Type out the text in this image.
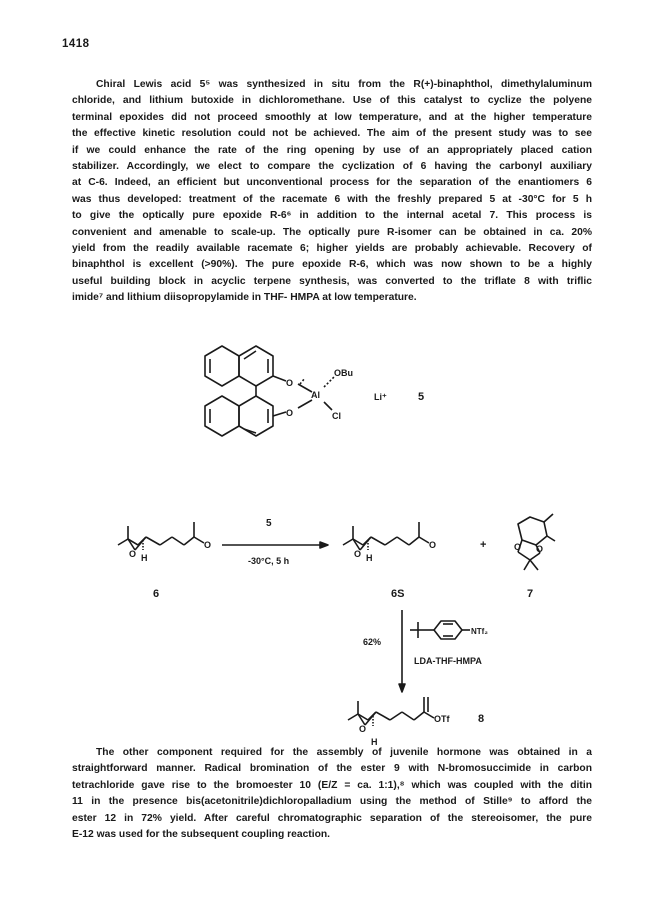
1418
Chiral Lewis acid 5⁵ was synthesized in situ from the R(+)-binaphthol, dimethylaluminum
chloride, and lithium butoxide in dichloromethane. Use of this catalyst to cyclize the polyene
terminal epoxides did not proceed smoothly at low temperature, and at the higher temperature
the effective kinetic resolution could not be achieved. The aim of the present study was to see
if we could enhance the rate of the ring opening by use of an appropriately placed cation
stabilizer. Accordingly, we elect to compare the cyclization of 6 having the carbonyl auxiliary
at C-6. Indeed, an efficient but unconventional process for the separation of the enantiomers 6
was thus developed: treatment of the racemate 6 with the freshly prepared 5 at -30°C for 5 h
to give the optically pure epoxide R-6⁶ in addition to the internal acetal 7. This process is
convenient and amenable to scale-up. The optically pure R-isomer can be obtained in ca. 20%
yield from the readily available racemate 6; higher yields are probably achievable. Recovery of
binaphthol is excellent (>90%). The pure epoxide R-6, which was now shown to be a highly
useful building block in acyclic terpene synthesis, was converted to the triflate 8 with triflic
imide⁷ and lithium diisopropylamide in THF- HMPA at low temperature.
O
OBu
Al
O	Cl
Li⁺	5
O H
O
6
5
-30°C, 5 h
O H
O
6S
+	O O
7
62%
NTf₂
LDA-THF-HMPA
O
H
OTf	8
The other component required for the assembly of juvenile hormone was obtained in a
straightforward manner. Radical bromination of the ester 9 with N-bromosuccimide in carbon
tetrachloride gave rise to the bromoester 10 (E/Z = ca. 1:1),⁸ which was coupled with the ditin
11 in the presence bis(acetonitrile)dichloropalladium using the method of Stille⁹ to afford the
ester 12 in 72% yield. After careful chromatographic separation of the stereoisomer, the pure
E-12 was used for the subsequent coupling reaction.
